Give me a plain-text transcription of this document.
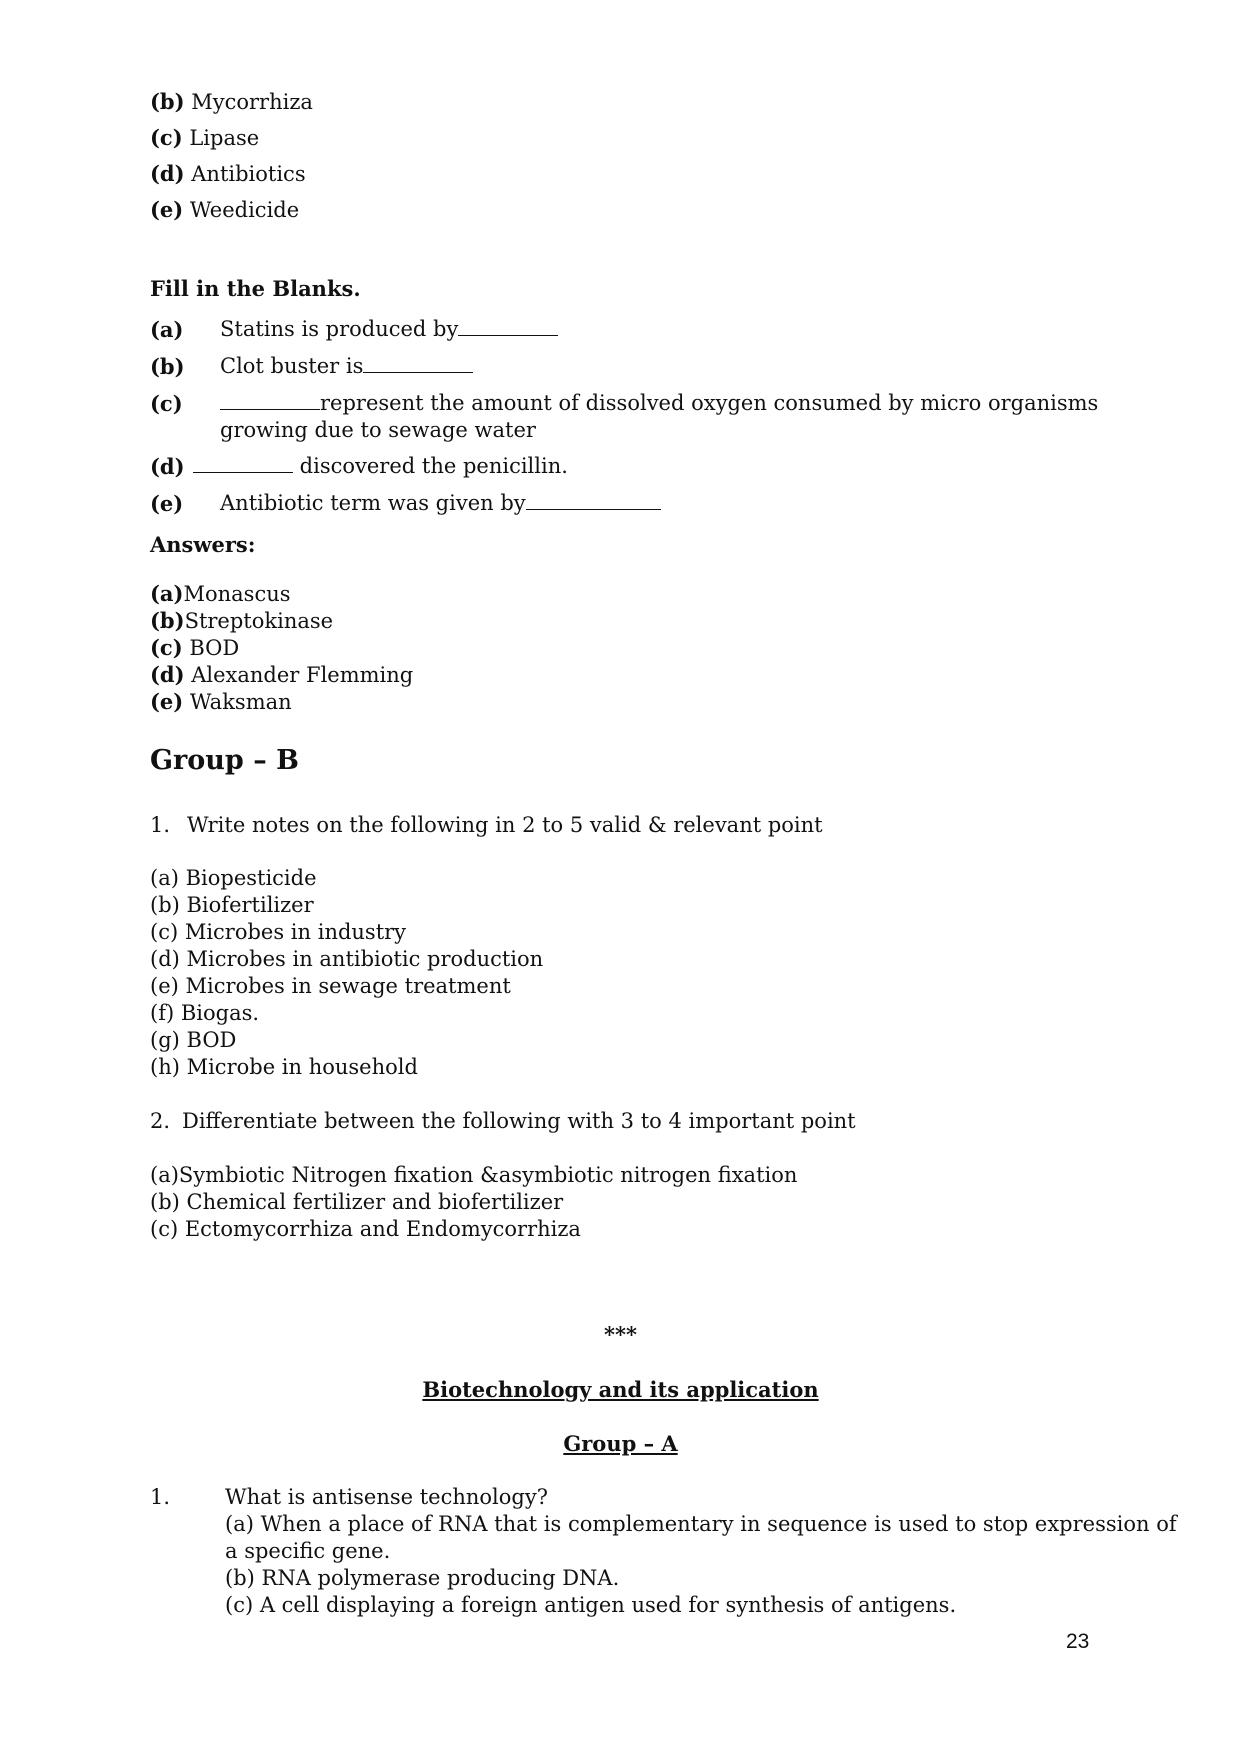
(b) Mycorrhiza
(c) Lipase
(d) Antibiotics
(e) Weedicide
Fill in the Blanks.
(a) Statins is produced by
(b) Clot buster is
(c)	represent the amount of dissolved oxygen consumed by micro organisms
growing due to sewage water
(d)	discovered the penicillin.
(e) Antibiotic term was given by
Answers:
(a)Monascus
(b)Streptokinase
(c) BOD
(d) Alexander Flemming
(e) Waksman
Group – B
1. Write notes on the following in 2 to 5 valid & relevant point
(a) Biopesticide
(b) Biofertilizer
(c) Microbes in industry
(d) Microbes in antibiotic production
(e) Microbes in sewage treatment
(f) Biogas.
(g) BOD
(h) Microbe in household
2. Differentiate between the following with 3 to 4 important point
(a)Symbiotic Nitrogen fixation &asymbiotic nitrogen fixation
(b) Chemical fertilizer and biofertilizer
(c) Ectomycorrhiza and Endomycorrhiza
***
Biotechnology and its application
Group – A
1.	What is antisense technology?
(a) When a place of RNA that is complementary in sequence is used to stop expression of
a specific gene.
(b) RNA polymerase producing DNA.
(c) A cell displaying a foreign antigen used for synthesis of antigens.
23
